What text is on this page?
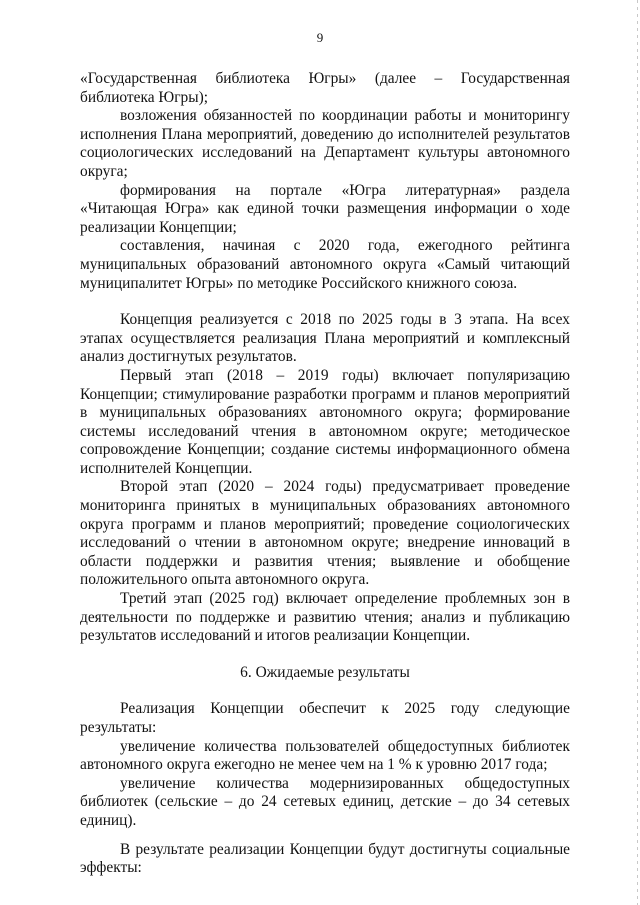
9

«Государственная библиотека Югры» (далее – Государственная библиотека Югры);

возложения обязанностей по координации работы и мониторингу исполнения Плана мероприятий, доведению до исполнителей результатов социологических исследований на Департамент культуры автономного округа;

формирования на портале «Югра литературная» раздела «Читающая Югра» как единой точки размещения информации о ходе реализации Концепции;

составления, начиная с 2020 года, ежегодного рейтинга муниципальных образований автономного округа «Самый читающий муниципалитет Югры» по методике Российского книжного союза.

Концепция реализуется с 2018 по 2025 годы в 3 этапа. На всех этапах осуществляется реализация Плана мероприятий и комплексный анализ достигнутых результатов.

Первый этап (2018 – 2019 годы) включает популяризацию Концепции; стимулирование разработки программ и планов мероприятий в муниципальных образованиях автономного округа; формирование системы исследований чтения в автономном округе; методическое сопровождение Концепции; создание системы информационного обмена исполнителей Концепции.

Второй этап (2020 – 2024 годы) предусматривает проведение мониторинга принятых в муниципальных образованиях автономного округа программ и планов мероприятий; проведение социологических исследований о чтении в автономном округе; внедрение инноваций в области поддержки и развития чтения; выявление и обобщение положительного опыта автономного округа.

Третий этап (2025 год) включает определение проблемных зон в деятельности по поддержке и развитию чтения; анализ и публикацию результатов исследований и итогов реализации Концепции.

6. Ожидаемые результаты

Реализация Концепции обеспечит к 2025 году следующие результаты:

увеличение количества пользователей общедоступных библиотек автономного округа ежегодно не менее чем на 1 % к уровню 2017 года;

увеличение количества модернизированных общедоступных библиотек (сельские – до 24 сетевых единиц, детские – до 34 сетевых единиц).

В результате реализации Концепции будут достигнуты социальные эффекты:
